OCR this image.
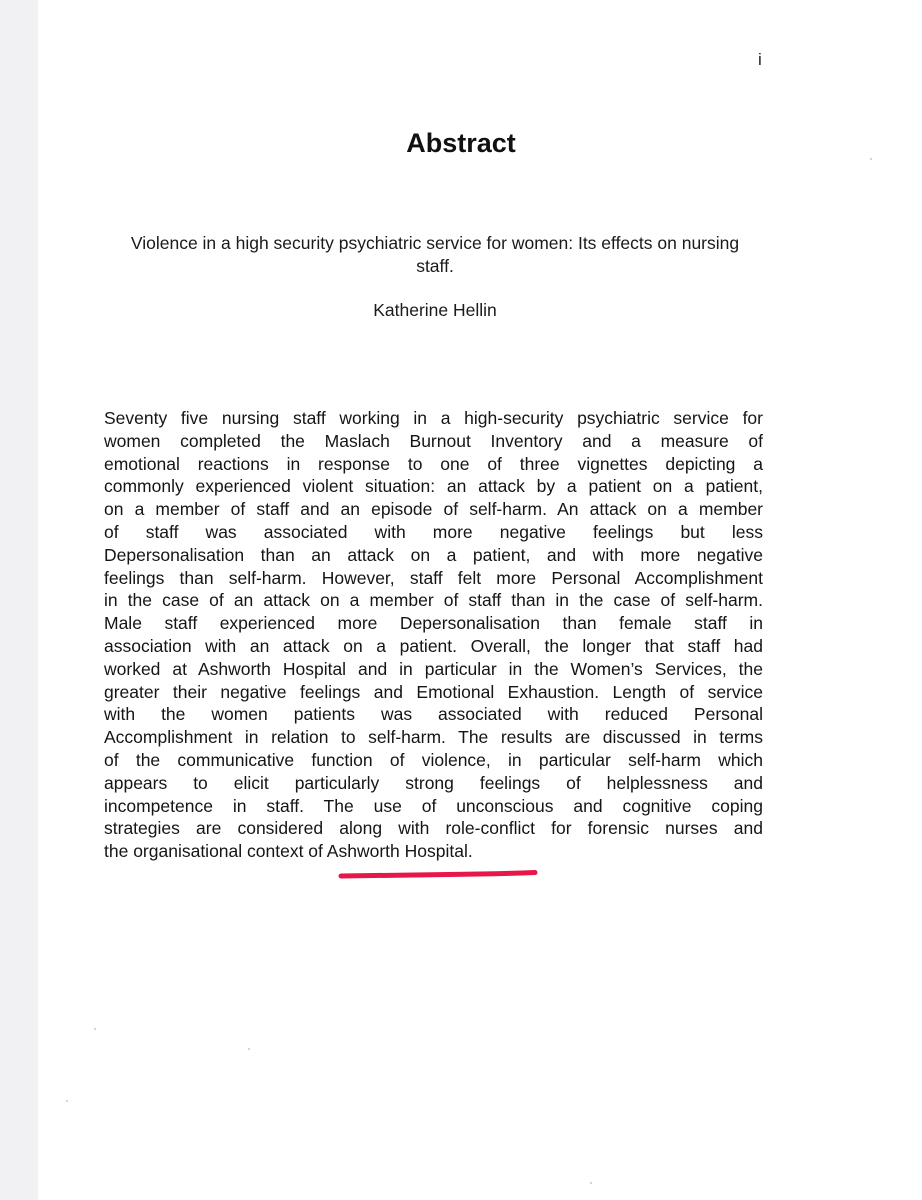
i
Abstract
Violence in a high security psychiatric service for women: Its effects on nursing staff.
Katherine Hellin
Seventy five nursing staff working in a high-security psychiatric service for
women completed the Maslach Burnout Inventory and a measure of
emotional reactions in response to one of three vignettes depicting a
commonly experienced violent situation: an attack by a patient on a patient,
on a member of staff and an episode of self-harm. An attack on a member
of staff was associated with more negative feelings but less
Depersonalisation than an attack on a patient, and with more negative
feelings than self-harm. However, staff felt more Personal Accomplishment
in the case of an attack on a member of staff than in the case of self-harm.
Male staff experienced more Depersonalisation than female staff in
association with an attack on a patient. Overall, the longer that staff had
worked at Ashworth Hospital and in particular in the Women’s Services, the
greater their negative feelings and Emotional Exhaustion. Length of service
with the women patients was associated with reduced Personal
Accomplishment in relation to self-harm. The results are discussed in terms
of the communicative function of violence, in particular self-harm which
appears to elicit particularly strong feelings of helplessness and
incompetence in staff. The use of unconscious and cognitive coping
strategies are considered along with role-conflict for forensic nurses and
the organisational context of Ashworth Hospital.
